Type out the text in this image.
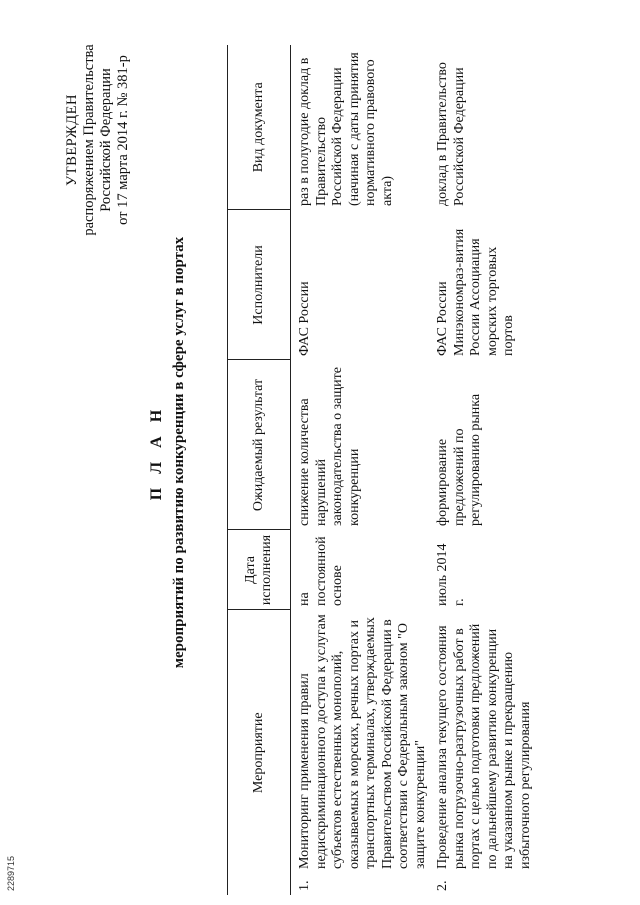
УТВЕРЖДЕН распоряжением Правительства Российской Федерации от 17 марта 2014 г. № 381-р
П Л А Н мероприятий по развитию конкуренции в сфере услуг в портах
Мероприятие	Дата исполнения	Ожидаемый результат	Исполнители	Вид документа

1.
Мониторинг применения правил недискриминационного доступа к услугам субъектов естественных монополий, оказываемых в морских, речных портах и транспортных терминалах, утверждаемых Правительством Российской Федерации в соответствии с Федеральным законом "О защите конкуренции"	на постоянной основе	снижение количества нарушений законодательства о защите конкуренции	ФАС России	раз в полугодие доклад в Правительство Российской Федерации (начиная с даты принятия нормативного правового акта)

2.
Проведение анализа текущего состояния рынка погрузочно-разгрузочных работ в портах с целью подготовки предложений по дальнейшему развитию конкуренции на указанном рынке и прекращению избыточного регулирования	июль 2014 г.	формирование предложений по регулированию рынка	ФАС России Минэкономраз-вития России Ассоциация морских торговых портов	доклад в Правительство Российской Федерации
2289715
